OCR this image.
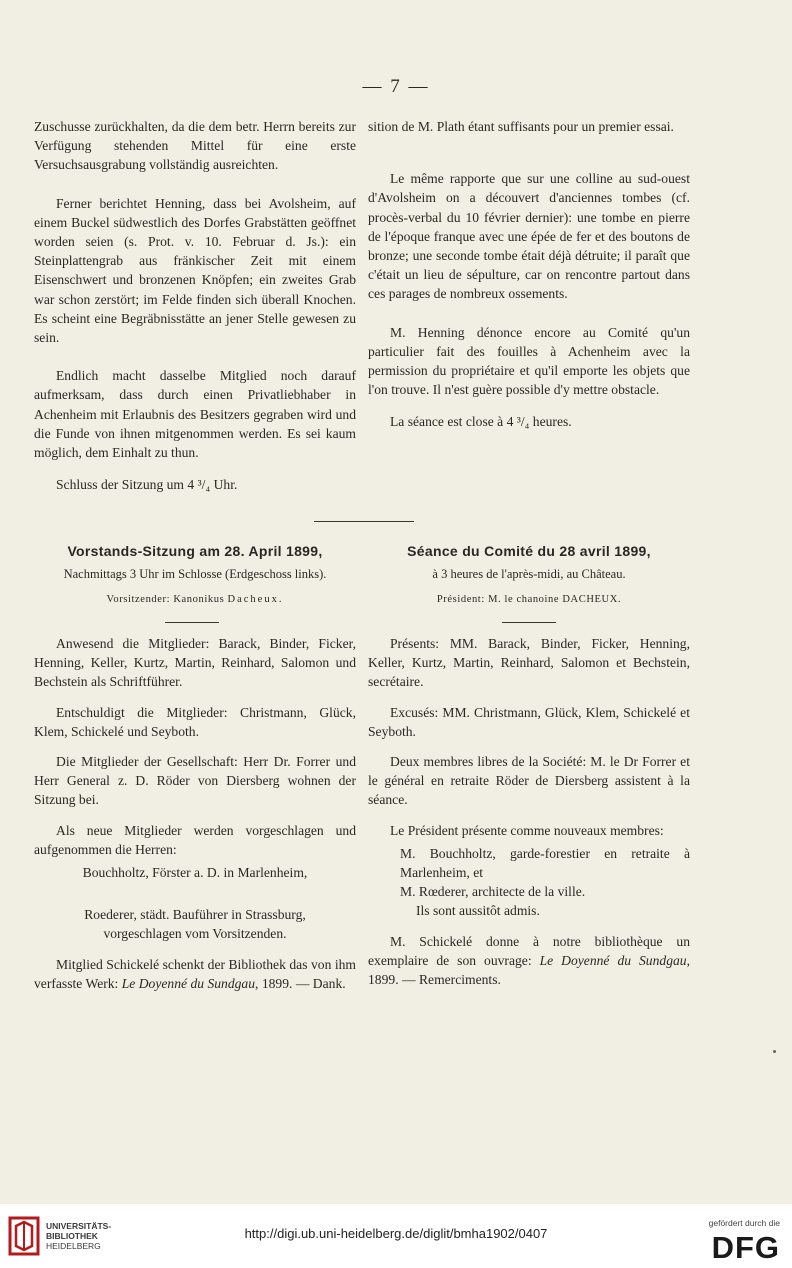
— 7 —

Zuschusse zurückhalten, da die dem betr. Herrn bereits zur Verfügung stehenden Mittel für eine erste Versuchsausgrabung vollständig ausreichten.

Ferner berichtet Henning, dass bei Avolsheim, auf einem Buckel südwestlich des Dorfes Grabstätten geöffnet worden seien (s. Prot. v. 10. Februar d. Js.): ein Steinplattengrab aus fränkischer Zeit mit einem Eisenschwert und bronzenen Knöpfen; ein zweites Grab war schon zerstört; im Felde finden sich überall Knochen. Es scheint eine Begräbnisstätte an jener Stelle gewesen zu sein.

Endlich macht dasselbe Mitglied noch darauf aufmerksam, dass durch einen Privatliebhaber in Achenheim mit Erlaubnis des Besitzers gegraben wird und die Funde von ihnen mitgenommen werden. Es sei kaum möglich, dem Einhalt zu thun.

Schluss der Sitzung um 4 ³/₄ Uhr.

sition de M. Plath étant suffisants pour un premier essai.

Le même rapporte que sur une colline au sud-ouest d'Avolsheim on a découvert d'anciennes tombes (cf. procès-verbal du 10 février dernier): une tombe en pierre de l'époque franque avec une épée de fer et des boutons de bronze; une seconde tombe était déjà détruite; il paraît que c'était un lieu de sépulture, car on rencontre partout dans ces parages de nombreux ossements.

M. Henning dénonce encore au Comité qu'un particulier fait des fouilles à Achenheim avec la permission du propriétaire et qu'il emporte les objets que l'on trouve. Il n'est guère possible d'y mettre obstacle.

La séance est close à 4 ³/₄ heures.

Vorstands-Sitzung am 28. April 1899,
Nachmittags 3 Uhr im Schlosse (Erdgeschoss links).
Vorsitzender: Kanonikus Dacheux.
Séance du Comité du 28 avril 1899,
à 3 heures de l'après-midi, au Château.
Président: M. le chanoine DACHEUX.

Anwesend die Mitglieder: Barack, Binder, Ficker, Henning, Keller, Kurtz, Martin, Reinhard, Salomon und Bechstein als Schriftführer.

Entschuldigt die Mitglieder: Christmann, Glück, Klem, Schickelé und Seyboth.

Die Mitglieder der Gesellschaft: Herr Dr. Forrer und Herr General z. D. Röder von Diersberg wohnen der Sitzung bei.

Als neue Mitglieder werden vorgeschlagen und aufgenommen die Herren:

Bouchholtz, Förster a. D. in Marlenheim,

Roederer, städt. Bauführer in Strassburg,

vorgeschlagen vom Vorsitzenden.

Mitglied Schickelé schenkt der Bibliothek das von ihm verfasste Werk: Le Doyenné du Sundgau, 1899. — Dank.

Présents: MM. Barack, Binder, Ficker, Henning, Keller, Kurtz, Martin, Reinhard, Salomon et Bechstein, secrétaire.

Excusés: MM. Christmann, Glück, Klem, Schickelé et Seyboth.

Deux membres libres de la Société: M. le Dr Forrer et le général en retraite Röder de Diersberg assistent à la séance.

Le Président présente comme nouveaux membres:

M. Bouchholtz, garde-forestier en retraite à Marlenheim, et

M. Rœderer, architecte de la ville.

Ils sont aussitôt admis.

M. Schickelé donne à notre bibliothèque un exemplaire de son ouvrage: Le Doyenné du Sundgau, 1899. — Remerciments.

UNIVERSITÄTS-
BIBLIOTHEK
HEIDELBERG
http://digi.ub.uni-heidelberg.de/diglit/bmha1902/0407
gefördert durch die
DFG
